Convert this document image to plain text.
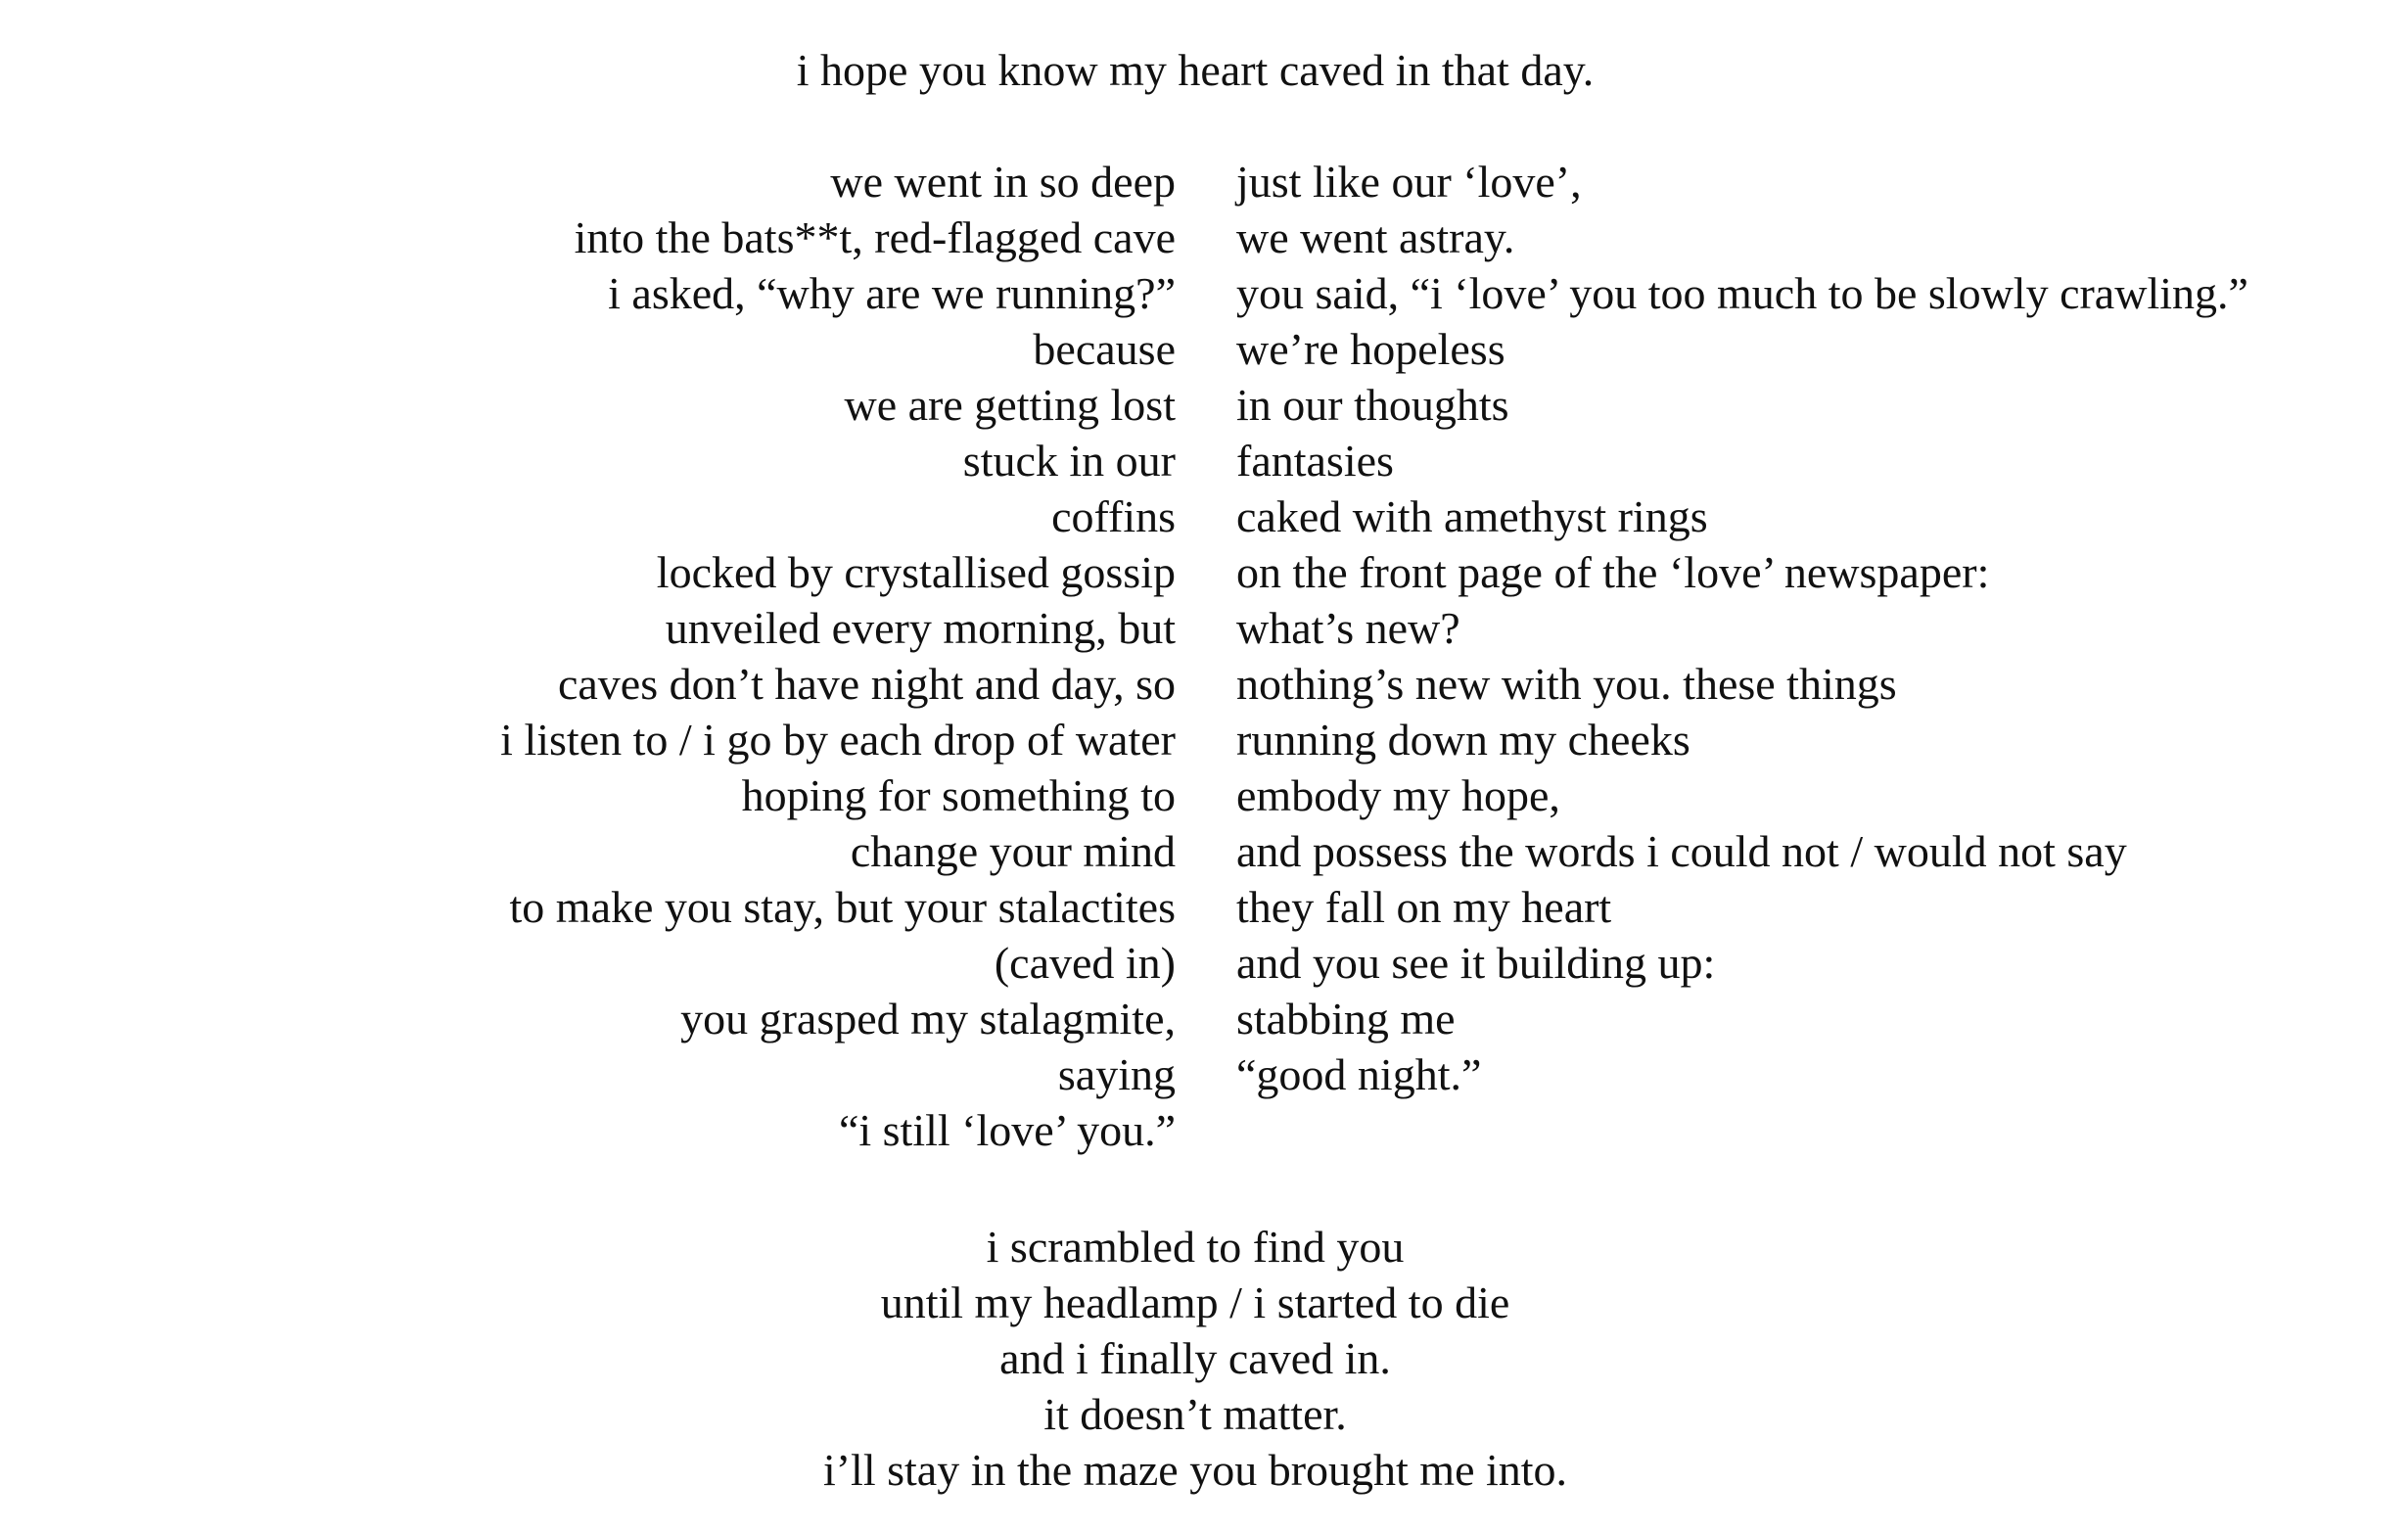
i hope you know my heart caved in that day.
we went in so deep
into the bats**t, red-flagged cave
i asked, “why are we running?”
because
we are getting lost
stuck in our
coffins
locked by crystallised gossip
unveiled every morning, but
caves don’t have night and day, so
i listen to / i go by each drop of water
hoping for something to
change your mind
to make you stay, but your stalactites
(caved in)
you grasped my stalagmite,
saying
“i still ‘love’ you.”
just like our ‘love’,
we went astray.
you said, “i ‘love’ you too much to be slowly crawling.”
we’re hopeless
in our thoughts
fantasies
caked with amethyst rings
on the front page of the ‘love’ newspaper:
what’s new?
nothing’s new with you. these things
running down my cheeks
embody my hope,
and possess the words i could not / would not say
they fall on my heart
and you see it building up:
stabbing me
“good night.”
i scrambled to find you
until my headlamp / i started to die
and i finally caved in.
it doesn’t matter.
i’ll stay in the maze you brought me into.
